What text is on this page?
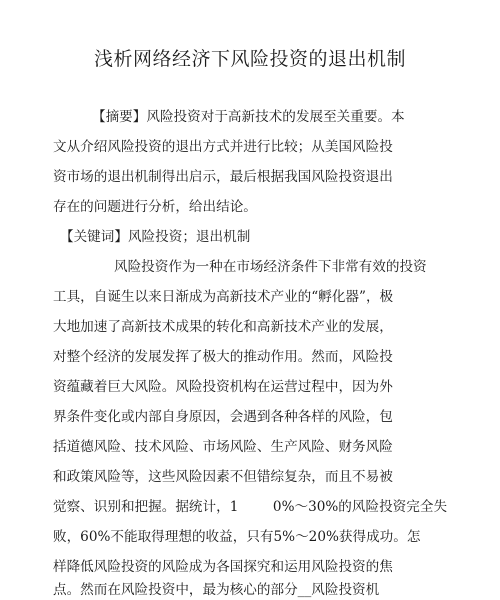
浅析网络经济下风险投资的退出机制
【摘要】风险投资对于高新技术的发展至关重要。本
文从介绍风险投资的退出方式并进行比较；从美国风险投
资市场的退出机制得出启示，最后根据我国风险投资退出
存在的问题进行分析，给出结论。
【关键词】风险投资；退出机制
风险投资作为一种在市场经济条件下非常有效的投资
工具，自诞生以来日渐成为高新技术产业的“孵化器”，极
大地加速了高新技术成果的转化和高新技术产业的发展，
对整个经济的发展发挥了极大的推动作用。然而，风险投
资蕴藏着巨大风险。风险投资机构在运营过程中，因为外
界条件变化或内部自身原因，会遇到各种各样的风险，包
括道德风险、技术风险、市场风险、生产风险、财务风险
和政策风险等，这些风险因素不但错综复杂，而且不易被
觉察、识别和把握。据统计，1        0%～30%的风险投资完全失
败，60%不能取得理想的收益，只有5%～20%获得成功。怎
样降低风险投资的风险成为各国探究和运用风险投资的焦
点。然而在风险投资中，最为核心的部分__风险投资机
